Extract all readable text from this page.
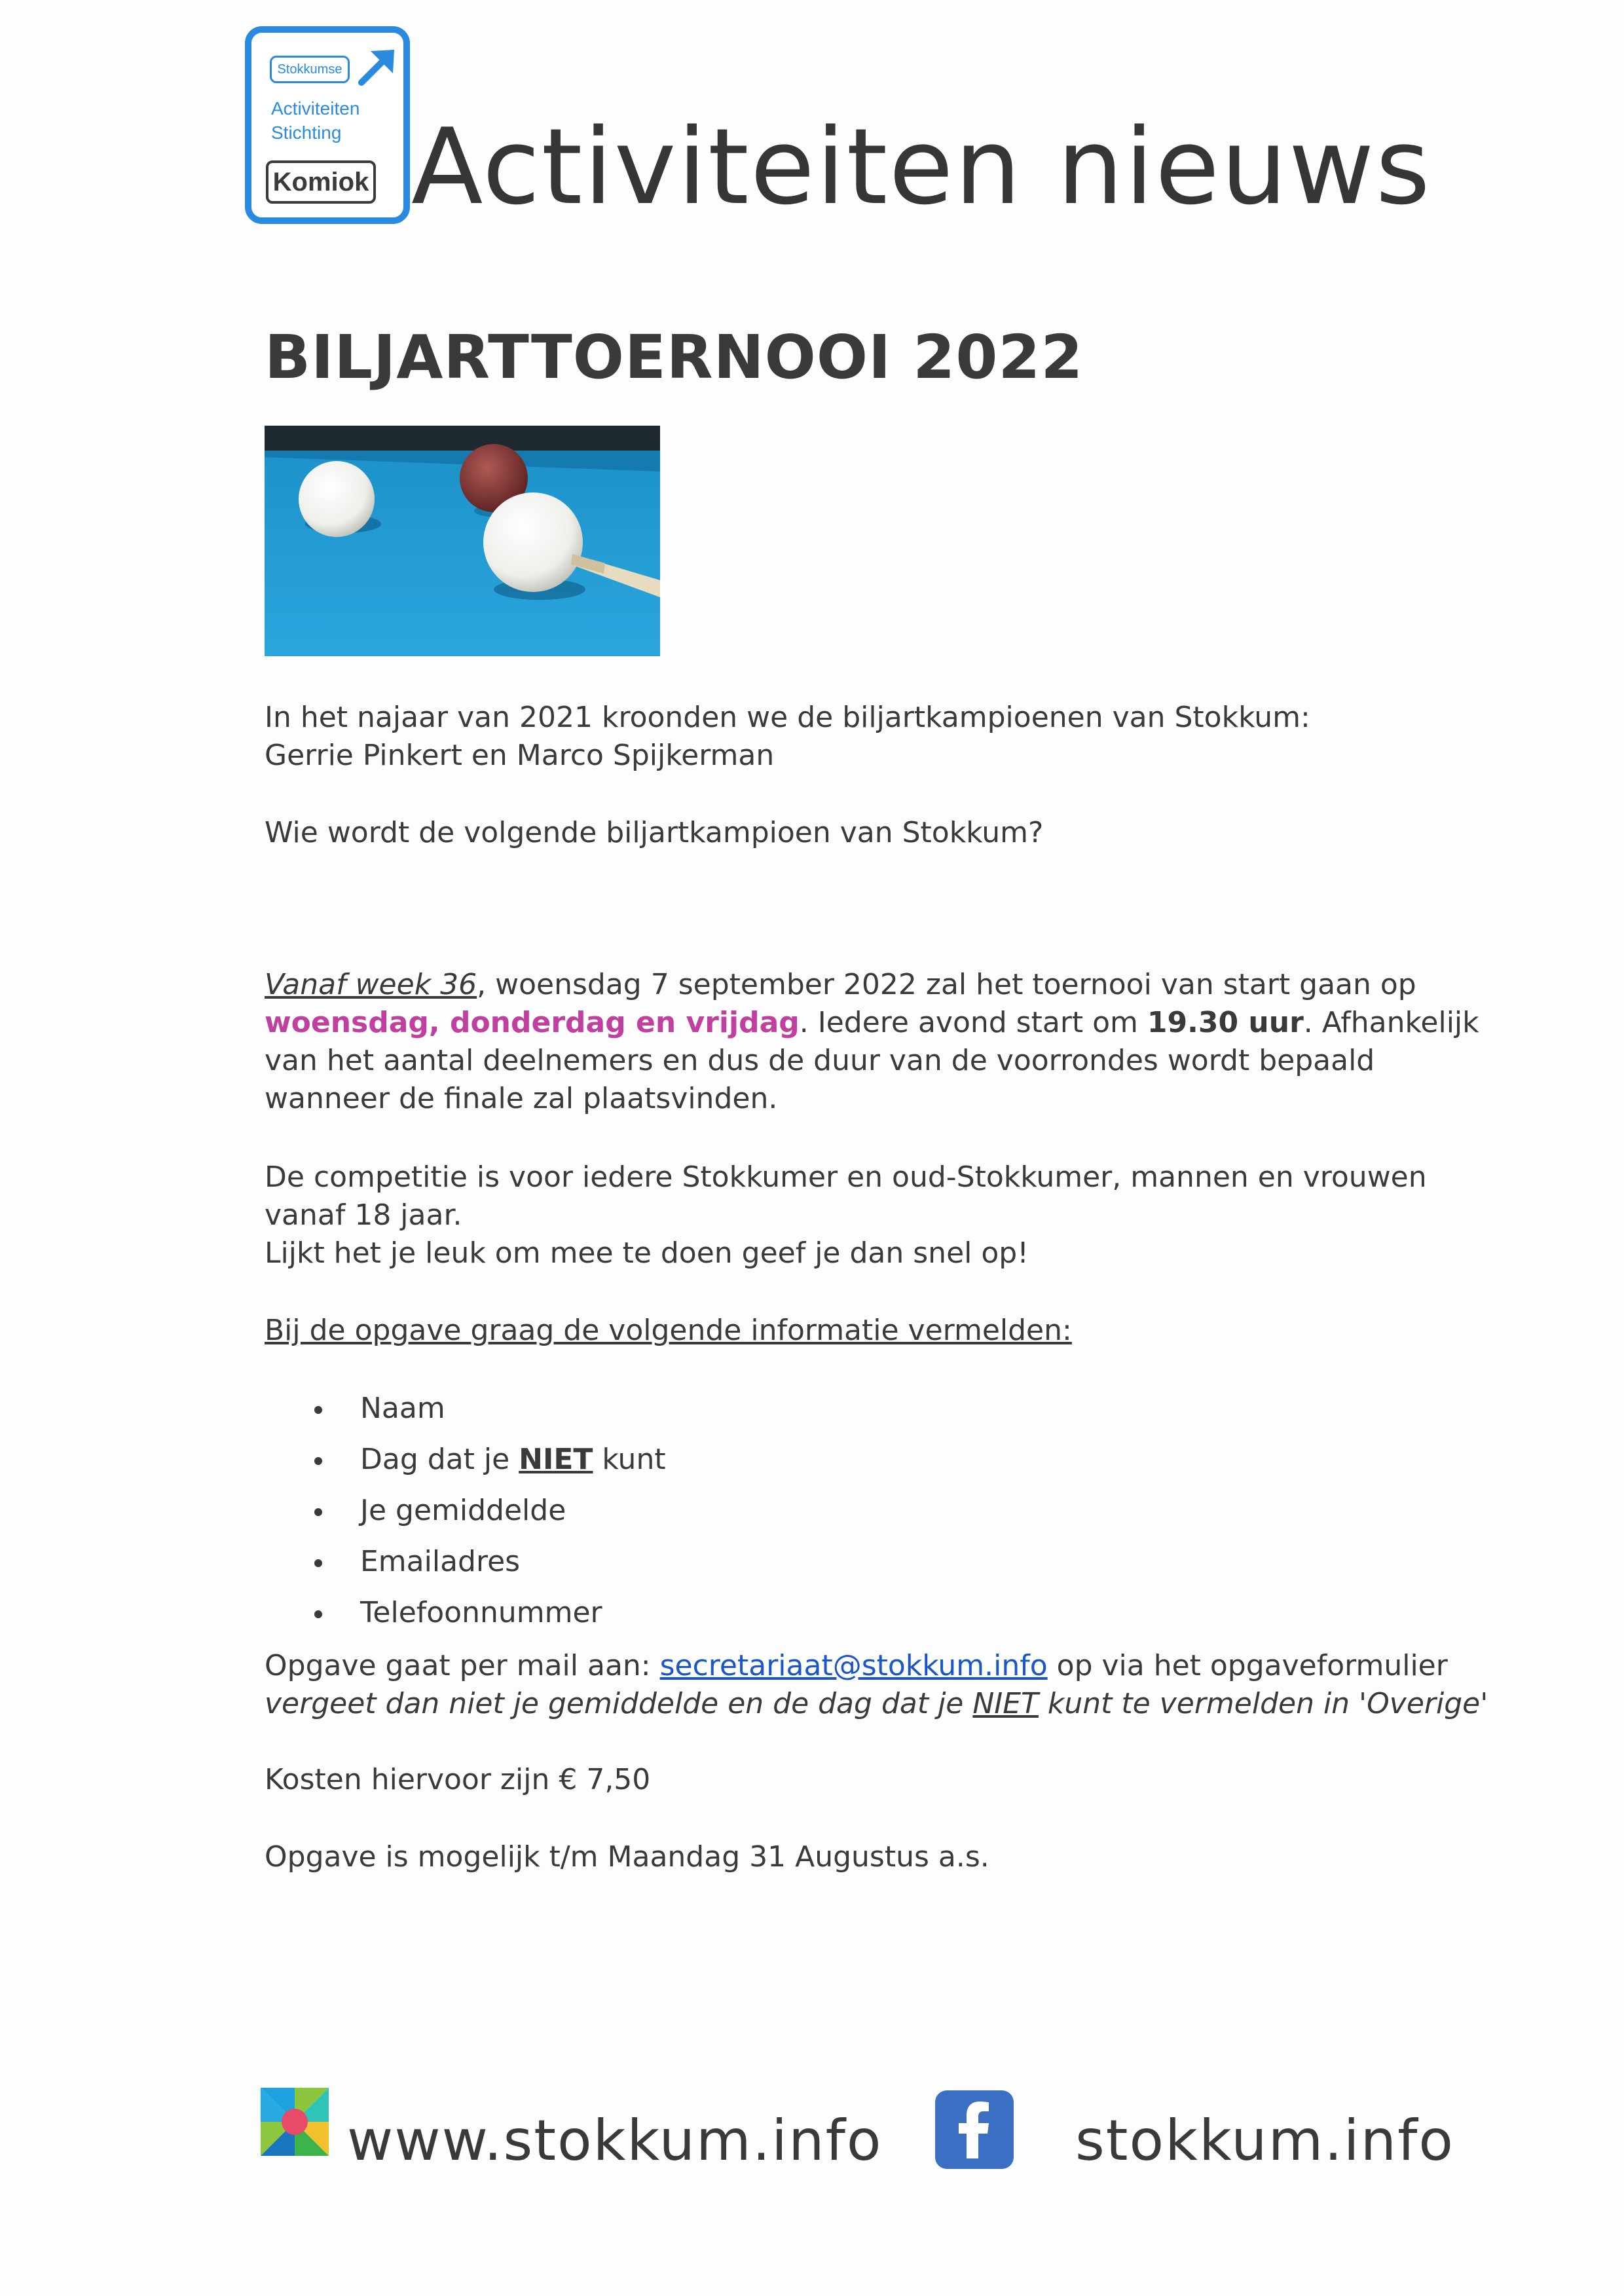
Stokkumse
Activiteiten
Stichting
Komiok Activiteiten nieuws
BILJARTTOERNOOI 2022
In het najaar van 2021 kroonden we de biljartkampioenen van Stokkum:
Gerrie Pinkert en Marco Spijkerman
Wie wordt de volgende biljartkampioen van Stokkum?
Vanaf week 36, woensdag 7 september 2022 zal het toernooi van start gaan op
woensdag, donderdag en vrijdag. Iedere avond start om 19.30 uur. Afhankelijk
van het aantal deelnemers en dus de duur van de voorrondes wordt bepaald
wanneer de finale zal plaatsvinden.
De competitie is voor iedere Stokkumer en oud-Stokkumer, mannen en vrouwen
vanaf 18 jaar.
Lijkt het je leuk om mee te doen geef je dan snel op!
Bij de opgave graag de volgende informatie vermelden:
Naam
Dag dat je NIET kunt
Je gemiddelde
Emailadres
Telefoonnummer
Opgave gaat per mail aan: secretariaat@stokkum.info op via het opgaveformulier
vergeet dan niet je gemiddelde en de dag dat je NIET kunt te vermelden in 'Overige'
Kosten hiervoor zijn € 7,50
Opgave is mogelijk t/m Maandag 31 Augustus a.s.
www.stokkum.info	stokkum.info
